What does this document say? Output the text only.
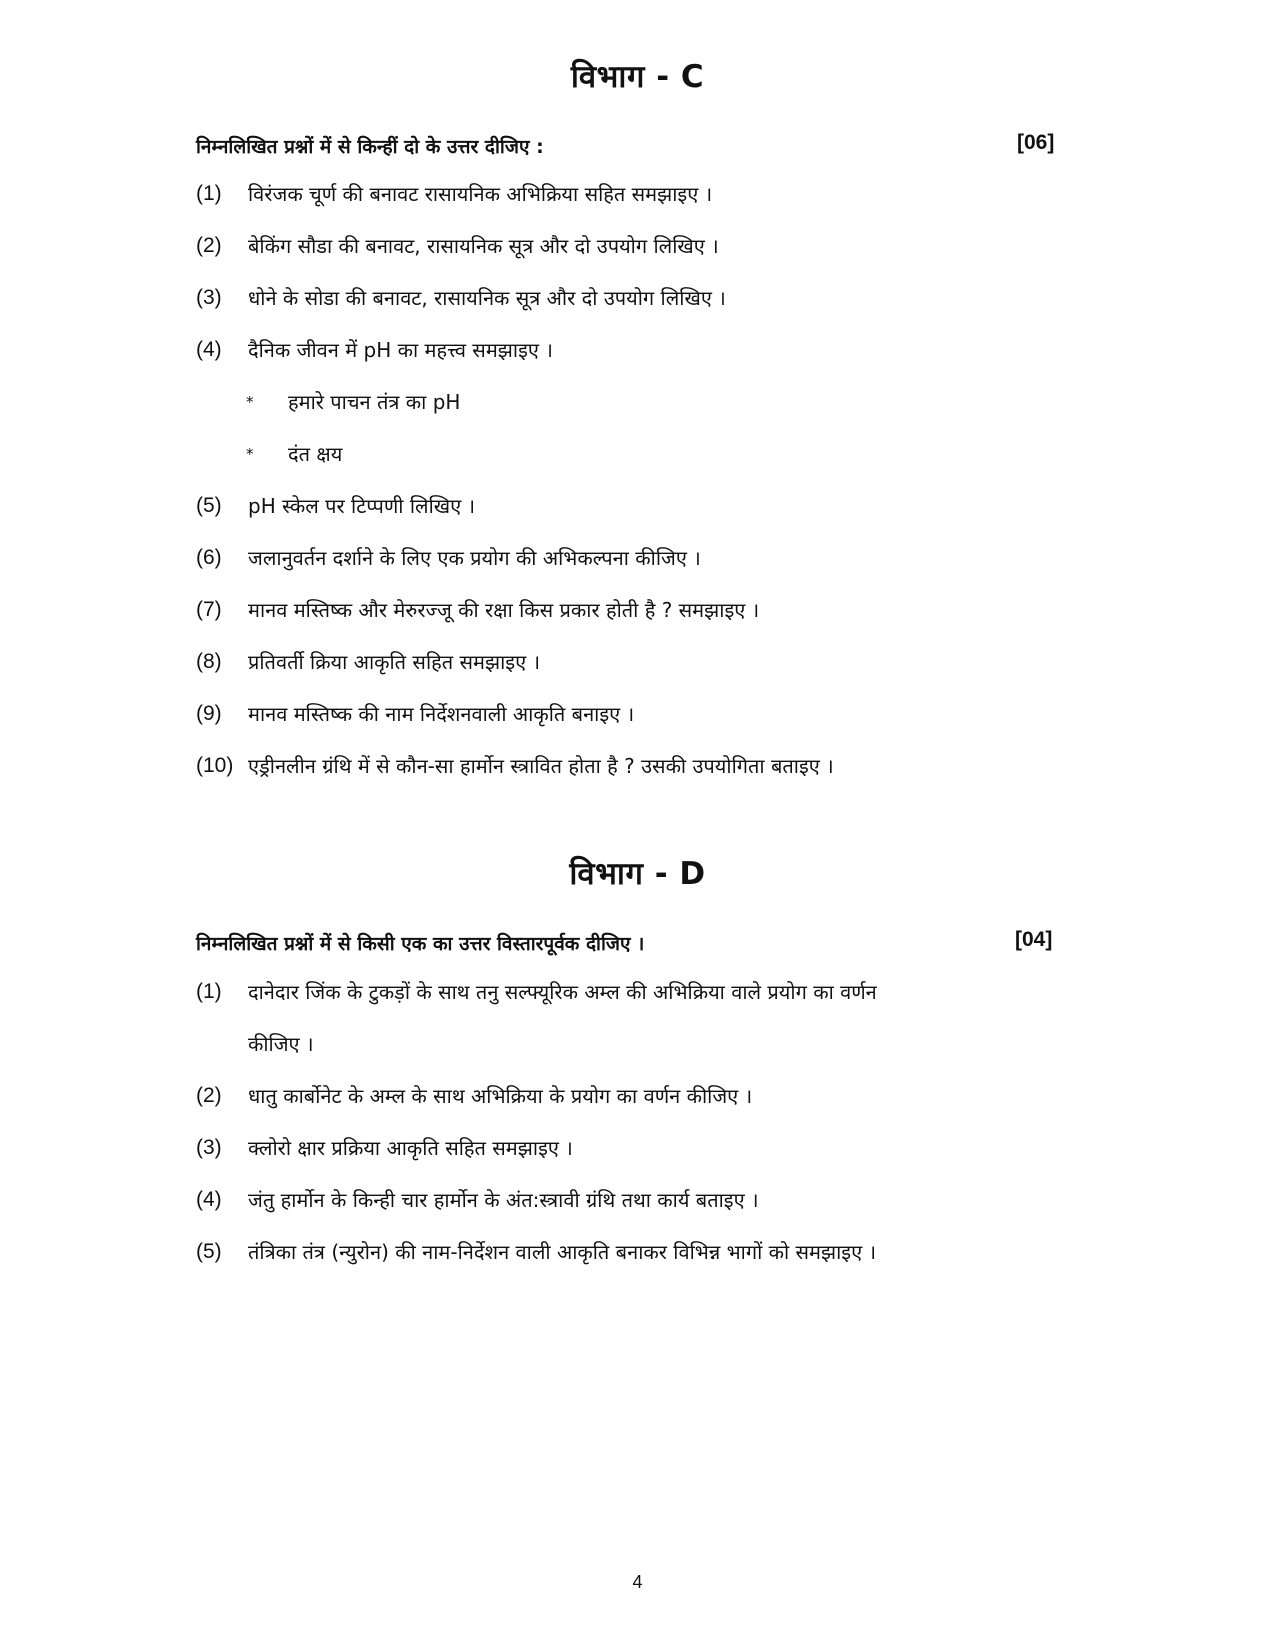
विभाग - C
निम्नलिखित प्रश्नों में से किन्हीं दो के उत्तर दीजिए :	[06]
(1) विरंजक चूर्ण की बनावट रासायनिक अभिक्रिया सहित समझाइए ।
(2) बेकिंग सौडा की बनावट, रासायनिक सूत्र और दो उपयोग लिखिए ।
(3) धोने के सोडा की बनावट, रासायनिक सूत्र और दो उपयोग लिखिए ।
(4) दैनिक जीवन में pH का महत्त्व समझाइए ।
* हमारे पाचन तंत्र का pH
* दंत क्षय
(5) pH स्केल पर टिप्पणी लिखिए ।
(6) जलानुवर्तन दर्शाने के लिए एक प्रयोग की अभिकल्पना कीजिए ।
(7) मानव मस्तिष्क और मेरुरज्जू की रक्षा किस प्रकार होती है ? समझाइए ।
(8) प्रतिवर्ती क्रिया आकृति सहित समझाइए ।
(9) मानव मस्तिष्क की नाम निर्देशनवाली आकृति बनाइए ।
(10) एड्रीनलीन ग्रंथि में से कौन-सा हार्मोन स्त्रावित होता है ? उसकी उपयोगिता बताइए ।
विभाग - D
निम्नलिखित प्रश्नों में से किसी एक का उत्तर विस्तारपूर्वक दीजिए ।	[04]
(1) दानेदार जिंक के टुकड़ों के साथ तनु सल्फ्यूरिक अम्ल की अभिक्रिया वाले प्रयोग का वर्णन
कीजिए ।
(2) धातु कार्बोनेट के अम्ल के साथ अभिक्रिया के प्रयोग का वर्णन कीजिए ।
(3) क्लोरो क्षार प्रक्रिया आकृति सहित समझाइए ।
(4) जंतु हार्मोन के किन्ही चार हार्मोन के अंत:स्त्रावी ग्रंथि तथा कार्य बताइए ।
(5) तंत्रिका तंत्र (न्युरोन) की नाम-निर्देशन वाली आकृति बनाकर विभिन्न भागों को समझाइए ।
4
